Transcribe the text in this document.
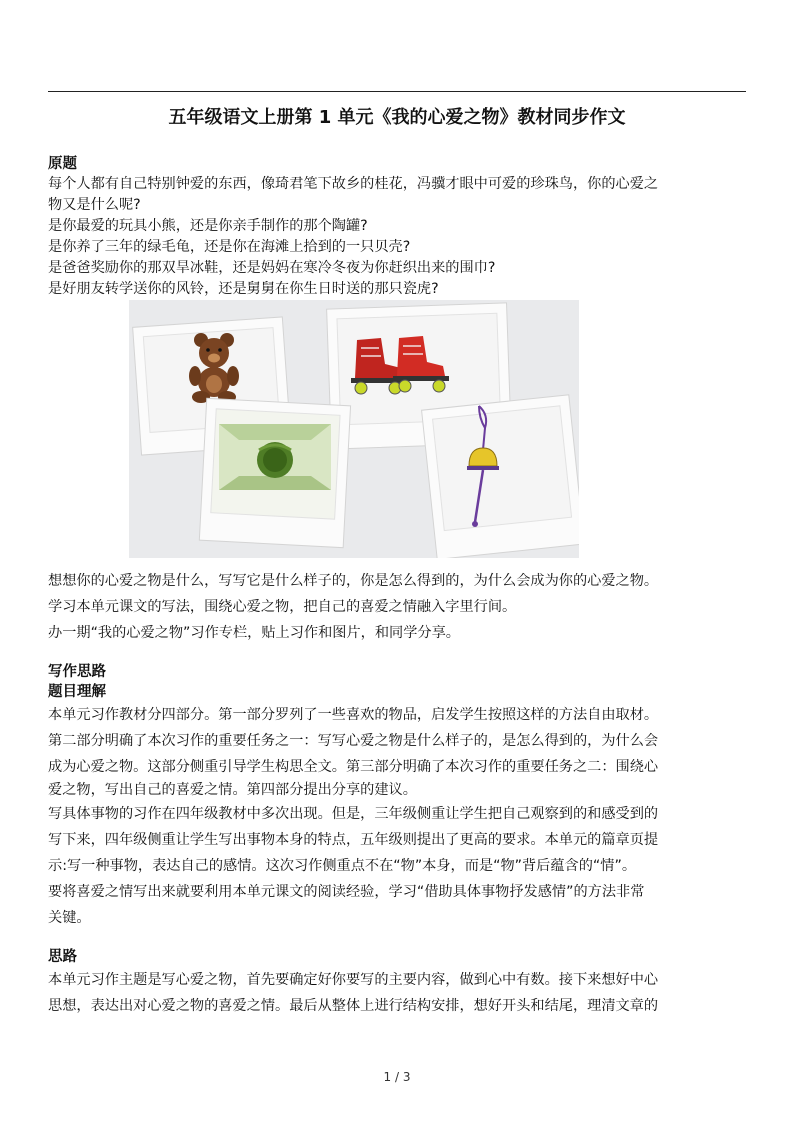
五年级语文上册第 1 单元《我的心爱之物》教材同步作文

原题

每个人都有自己特别钟爱的东西，像琦君笔下故乡的桂花，冯骥才眼中可爱的珍珠鸟，你的心爱之

物又是什么呢?

是你最爱的玩具小熊，还是你亲手制作的那个陶罐?

是你养了三年的绿毛龟，还是你在海滩上拾到的一只贝壳?

是爸爸奖励你的那双旱冰鞋，还是妈妈在寒冷冬夜为你赶织出来的围巾?

是好朋友转学送你的风铃，还是舅舅在你生日时送的那只瓷虎?

想想你的心爱之物是什么，写写它是什么样子的，你是怎么得到的，为什么会成为你的心爱之物。

学习本单元课文的写法，围绕心爱之物，把自己的喜爱之情融入字里行间。

办一期“我的心爱之物”习作专栏，贴上习作和图片，和同学分享。

写作思路

题目理解

本单元习作教材分四部分。第一部分罗列了一些喜欢的物品，启发学生按照这样的方法自由取材。

第二部分明确了本次习作的重要任务之一：写写心爱之物是什么样子的，是怎么得到的，为什么会

成为心爱之物。这部分侧重引导学生构思全文。第三部分明确了本次习作的重要任务之二：围绕心

爱之物，写出自己的喜爱之情。第四部分提出分享的建议。

写具体事物的习作在四年级教材中多次出现。但是，三年级侧重让学生把自己观察到的和感受到的

写下来，四年级侧重让学生写出事物本身的特点，五年级则提出了更高的要求。本单元的篇章页提

示:写一种事物，表达自己的感情。这次习作侧重点不在“物”本身，而是“物”背后蕴含的“情”。

要将喜爱之情写出来就要利用本单元课文的阅读经验，学习“借助具体事物抒发感情”的方法非常

关键。

思路

本单元习作主题是写心爱之物，首先要确定好你要写的主要内容，做到心中有数。接下来想好中心

思想，表达出对心爱之物的喜爱之情。最后从整体上进行结构安排，想好开头和结尾，理清文章的

1 / 3
